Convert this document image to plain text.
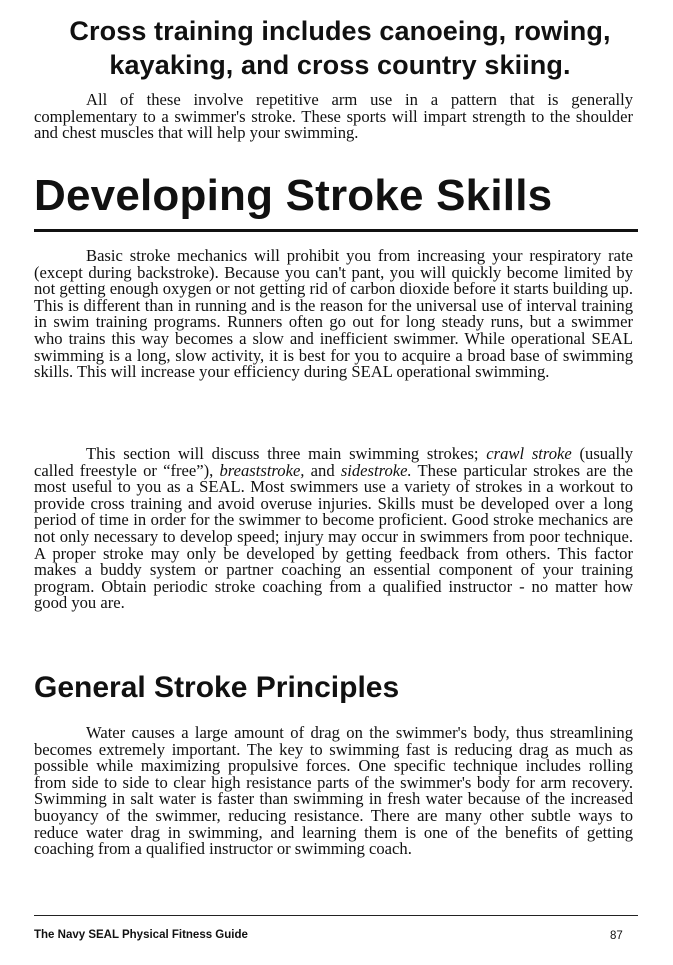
Cross training includes canoeing, rowing, kayaking, and cross country skiing.

All of these involve repetitive arm use in a pattern that is generally complementary to a swimmer's stroke. These sports will impart strength to the shoulder and chest muscles that will help your swimming.

Developing Stroke Skills

Basic stroke mechanics will prohibit you from increasing your respiratory rate (except during backstroke). Because you can't pant, you will quickly become limited by not getting enough oxygen or not getting rid of carbon dioxide before it starts building up. This is different than in running and is the reason for the universal use of interval training in swim training programs. Runners often go out for long steady runs, but a swimmer who trains this way becomes a slow and inefficient swimmer. While operational SEAL swimming is a long, slow activity, it is best for you to acquire a broad base of swimming skills. This will increase your efficiency during SEAL operational swimming.

This section will discuss three main swimming strokes; crawl stroke (usually called freestyle or “free”), breaststroke, and sidestroke. These particular strokes are the most useful to you as a SEAL. Most swimmers use a variety of strokes in a workout to provide cross training and avoid overuse injuries. Skills must be developed over a long period of time in order for the swimmer to become proficient. Good stroke mechanics are not only necessary to develop speed; injury may occur in swimmers from poor technique. A proper stroke may only be developed by getting feedback from others. This factor makes a buddy system or partner coaching an essential component of your training program. Obtain periodic stroke coaching from a qualified instructor - no matter how good you are.

General Stroke Principles

Water causes a large amount of drag on the swimmer's body, thus streamlining becomes extremely important. The key to swimming fast is reducing drag as much as possible while maximizing propulsive forces. One specific technique includes rolling from side to side to clear high resistance parts of the swimmer's body for arm recovery. Swimming in salt water is faster than swimming in fresh water because of the increased buoyancy of the swimmer, reducing resistance. There are many other subtle ways to reduce water drag in swimming, and learning them is one of the benefits of getting coaching from a qualified instructor or swimming coach.

The Navy SEAL Physical Fitness Guide	87
